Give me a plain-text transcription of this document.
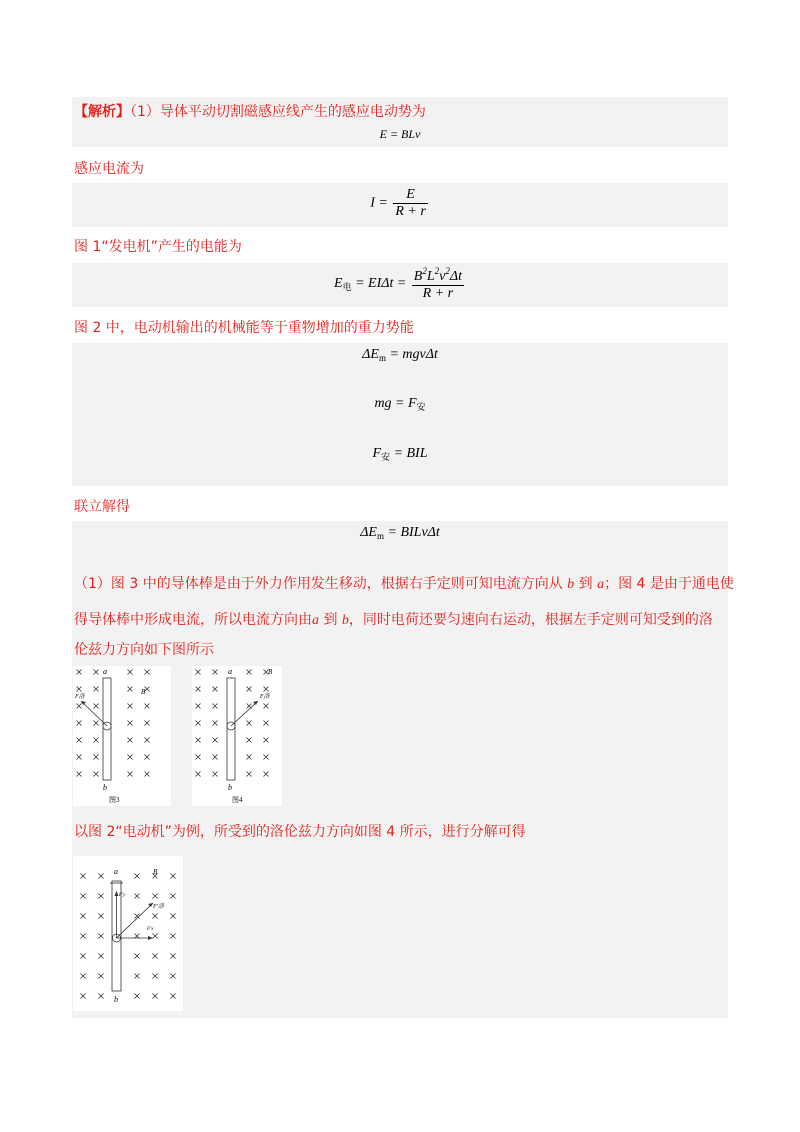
【解析】（1）导体平动切割磁感应线产生的感应电动势为
E = BLv
感应电流为
$I = \frac{E}{R + r}$
图 1“发电机”产生的电能为
$E_电 = EI\Delta t = \frac{B^2L^2v^2\Delta t}{R + r}$
图 2 中，电动机输出的机械能等于重物增加的重力势能
$\Delta E_m = mgv\Delta t$
mg = $F_安$
$F_安$ = BIL
联立解得
$\Delta E_m$ = BILvΔt
（1）图 3 中的导体棒是由于外力作用发生移动，根据右手定则可知电流方向从 b 到 a；图 4 是由于通电使
得导体棒中形成电流，所以电流方向由a 到 b，同时电荷还要匀速向右运动，根据左手定则可知受到的洛
伦兹力方向如下图所示
a
b
B
F洛
图3
a
b
B
F洛
图4
以图 2“电动机”为例，所受到的洛伦兹力方向如图 4 所示，进行分解可得
a
b
B
F′洛
F′y
F′x
